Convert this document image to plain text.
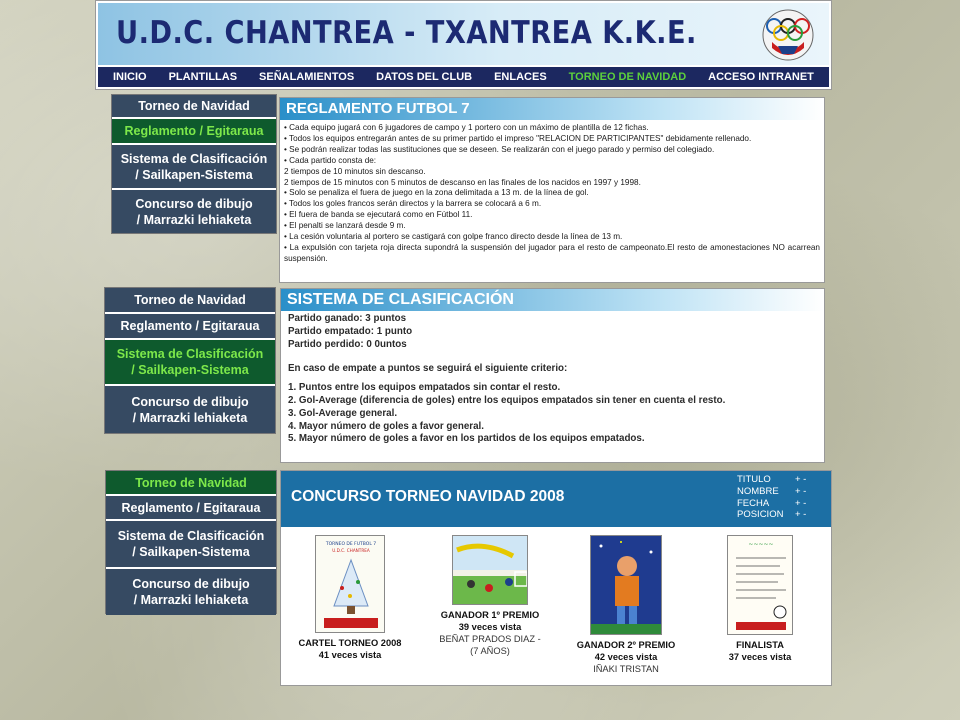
U.D.C. CHANTREA - TXANTREA K.K.E.
INICIO PLANTILLAS SEÑALAMIENTOS DATOS DEL CLUB ENLACES TORNEO DE NAVIDAD ACCESO INTRANET
Torneo de Navidad
Reglamento / Egitaraua
Sistema de Clasificación
/ Sailkapen-Sistema
Concurso de dibujo
/ Marrazki lehiaketa
REGLAMENTO FUTBOL 7
• Cada equipo jugará con 6 jugadores de campo y 1 portero con un máximo de plantilla de 12 fichas.
• Todos los equipos entregarán antes de su primer partido el impreso "RELACION DE PARTICIPANTES" debidamente rellenado.
• Se podrán realizar todas las sustituciones que se deseen. Se realizarán con el juego parado y permiso del colegiado.
• Cada partido consta de:
2 tiempos de 10 minutos sin descanso.
2 tiempos de 15 minutos con 5 minutos de descanso en las finales de los nacidos en 1997 y 1998.
• Solo se penaliza el fuera de juego en la zona delimitada a 13 m. de la línea de gol.
• Todos los goles francos serán directos y la barrera se colocará a 6 m.
• El fuera de banda se ejecutará como en Fútbol 11.
• El penalti se lanzará desde 9 m.
• La cesión voluntaria al portero se castigará con golpe franco directo desde la línea de 13 m.
• La expulsión con tarjeta roja directa supondrá la suspensión del jugador para el resto de campeonato.El resto de amonestaciones NO acarrean suspensión.
Torneo de Navidad
Reglamento / Egitaraua
Sistema de Clasificación
/ Sailkapen-Sistema
Concurso de dibujo
/ Marrazki lehiaketa
SISTEMA DE CLASIFICACIÓN
Partido ganado: 3 puntos
Partido empatado: 1 punto
Partido perdido: 0 0untos
En caso de empate a puntos se seguirá el siguiente criterio:
1. Puntos entre los equipos empatados sin contar el resto.
2. Gol-Average (diferencia de goles) entre los equipos empatados sin tener en cuenta el resto.
3. Gol-Average general.
4. Mayor número de goles a favor general.
5. Mayor número de goles a favor en los partidos de los equipos empatados.
Torneo de Navidad
Reglamento / Egitaraua
Sistema de Clasificación
/ Sailkapen-Sistema
Concurso de dibujo
/ Marrazki lehiaketa
CONCURSO TORNEO NAVIDAD 2008
TITULO	+ -
NOMBRE	+ -
FECHA	+ -
POSICION	+ -
TORNEO DE FUTBOL 7
U.D.C. CHANTREA
CARTEL TORNEO 2008
41 veces vista
GANADOR 1º PREMIO
39 veces vista
BEÑAT PRADOS DIAZ -
(7 AÑOS)
GANADOR 2º PREMIO
42 veces vista
IÑAKI TRISTAN
~~~~~
FINALISTA
37 veces vista
